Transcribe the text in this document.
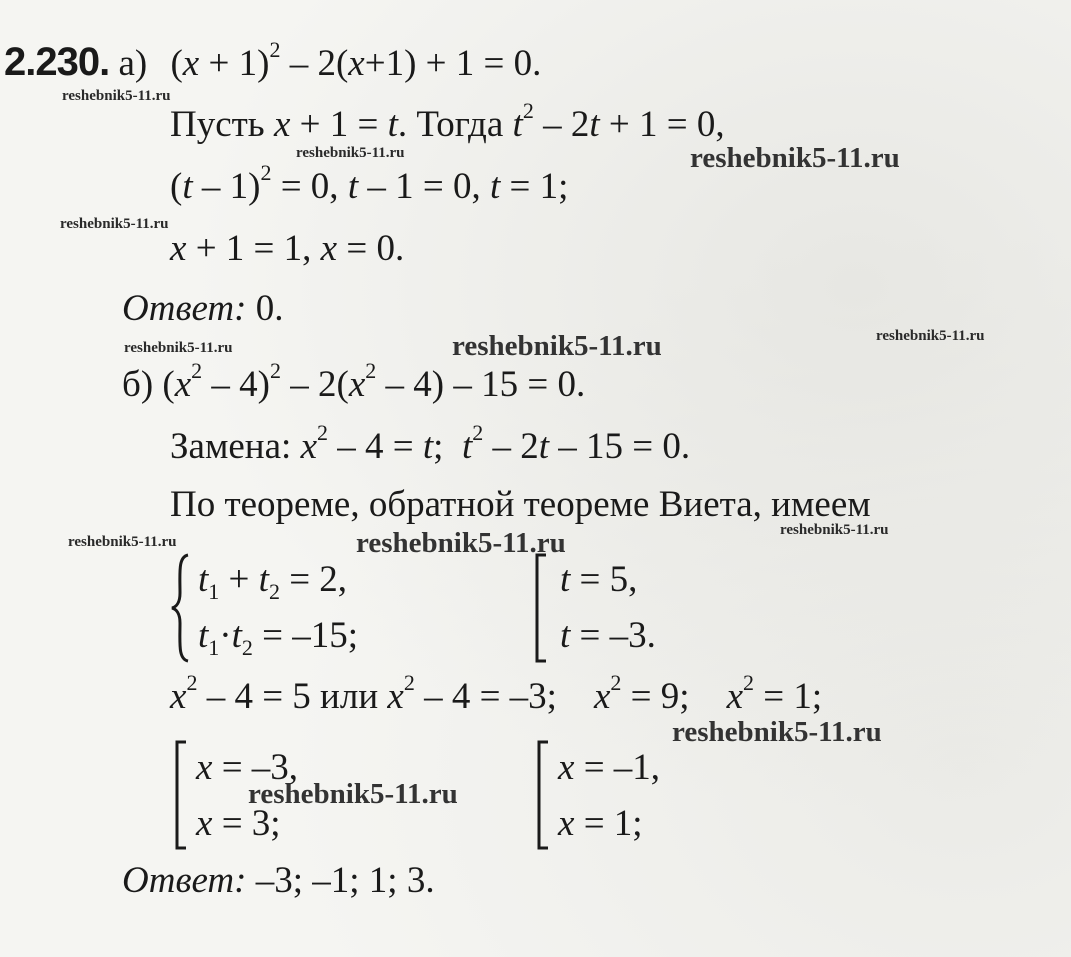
2.230. а) $(x + 1)^2 - 2(x+1) + 1 = 0$.
Пусть x + 1 = t. Тогда $t^2 - 2t + 1 = 0$,
(t – 1)$^2$ = 0, t – 1 = 0, t = 1;
x + 1 = 1, x = 0.
Ответ: 0.
б) $(x^2 - 4)^2 - 2(x^2 - 4) - 15 = 0$.
Замена: $x^2 - 4 = t$;  $t^2 - 2t - 15 = 0$.
По теореме, обратной теореме Виета, имеем
$t_1 + t_2 = 2$,
$t_1\cdot t_2 = -15$;
t = 5,
t = –3.
$x^2 - 4 = 5$ или $x^2 - 4 = -3$;    $x^2 = 9$;    $x^2 = 1$;
x = –3,
x = 3;
x = –1,
x = 1;
Ответ: –3; –1; 1; 3.
reshebnik5-11.ru
reshebnik5-11.ru	reshebnik5-11.ru
reshebnik5-11.ru
reshebnik5-11.ru	reshebnik5-11.ru	reshebnik5-11.ru
reshebnik5-11.ru	reshebnik5-11.ru	reshebnik5-11.ru
reshebnik5-11.ru
reshebnik5-11.ru
